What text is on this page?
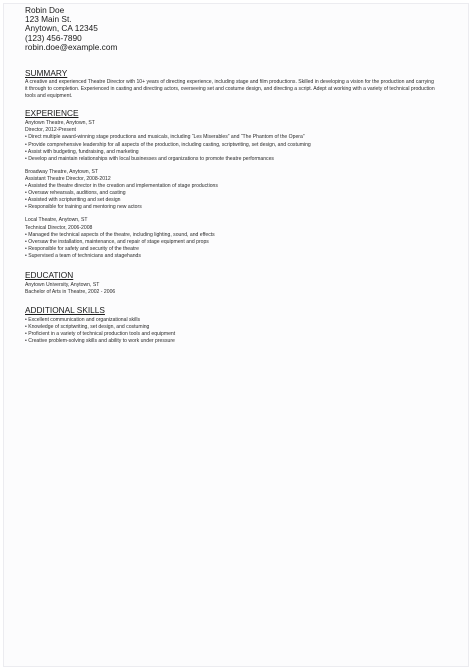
Robin Doe
123 Main St.
Anytown, CA 12345
(123) 456-7890
robin.doe@example.com
SUMMARY
A creative and experienced Theatre Director with 10+ years of directing experience, including stage and film productions. Skilled in developing a vision for the production and carrying it through to completion. Experienced in casting and directing actors, overseeing set and costume design, and directing a script. Adept at working with a variety of technical production tools and equipment.
EXPERIENCE
Anytown Theatre, Anytown, ST
Director, 2012-Present
• Direct multiple award-winning stage productions and musicals, including “Les Miserables” and “The Phantom of the Opera”
• Provide comprehensive leadership for all aspects of the production, including casting, scriptwriting, set design, and costuming
• Assist with budgeting, fundraising, and marketing
• Develop and maintain relationships with local businesses and organizations to promote theatre performances
Broadway Theatre, Anytown, ST
Assistant Theatre Director, 2008-2012
• Assisted the theatre director in the creation and implementation of stage productions
• Oversaw rehearsals, auditions, and casting
• Assisted with scriptwriting and set design
• Responsible for training and mentoring new actors
Local Theatre, Anytown, ST
Technical Director, 2006-2008
• Managed the technical aspects of the theatre, including lighting, sound, and effects
• Oversaw the installation, maintenance, and repair of stage equipment and props
• Responsible for safety and security of the theatre
• Supervised a team of technicians and stagehands
EDUCATION
Anytown University, Anytown, ST
Bachelor of Arts in Theatre, 2002 - 2006
ADDITIONAL SKILLS
• Excellent communication and organizational skills
• Knowledge of scriptwriting, set design, and costuming
• Proficient in a variety of technical production tools and equipment
• Creative problem-solving skills and ability to work under pressure
